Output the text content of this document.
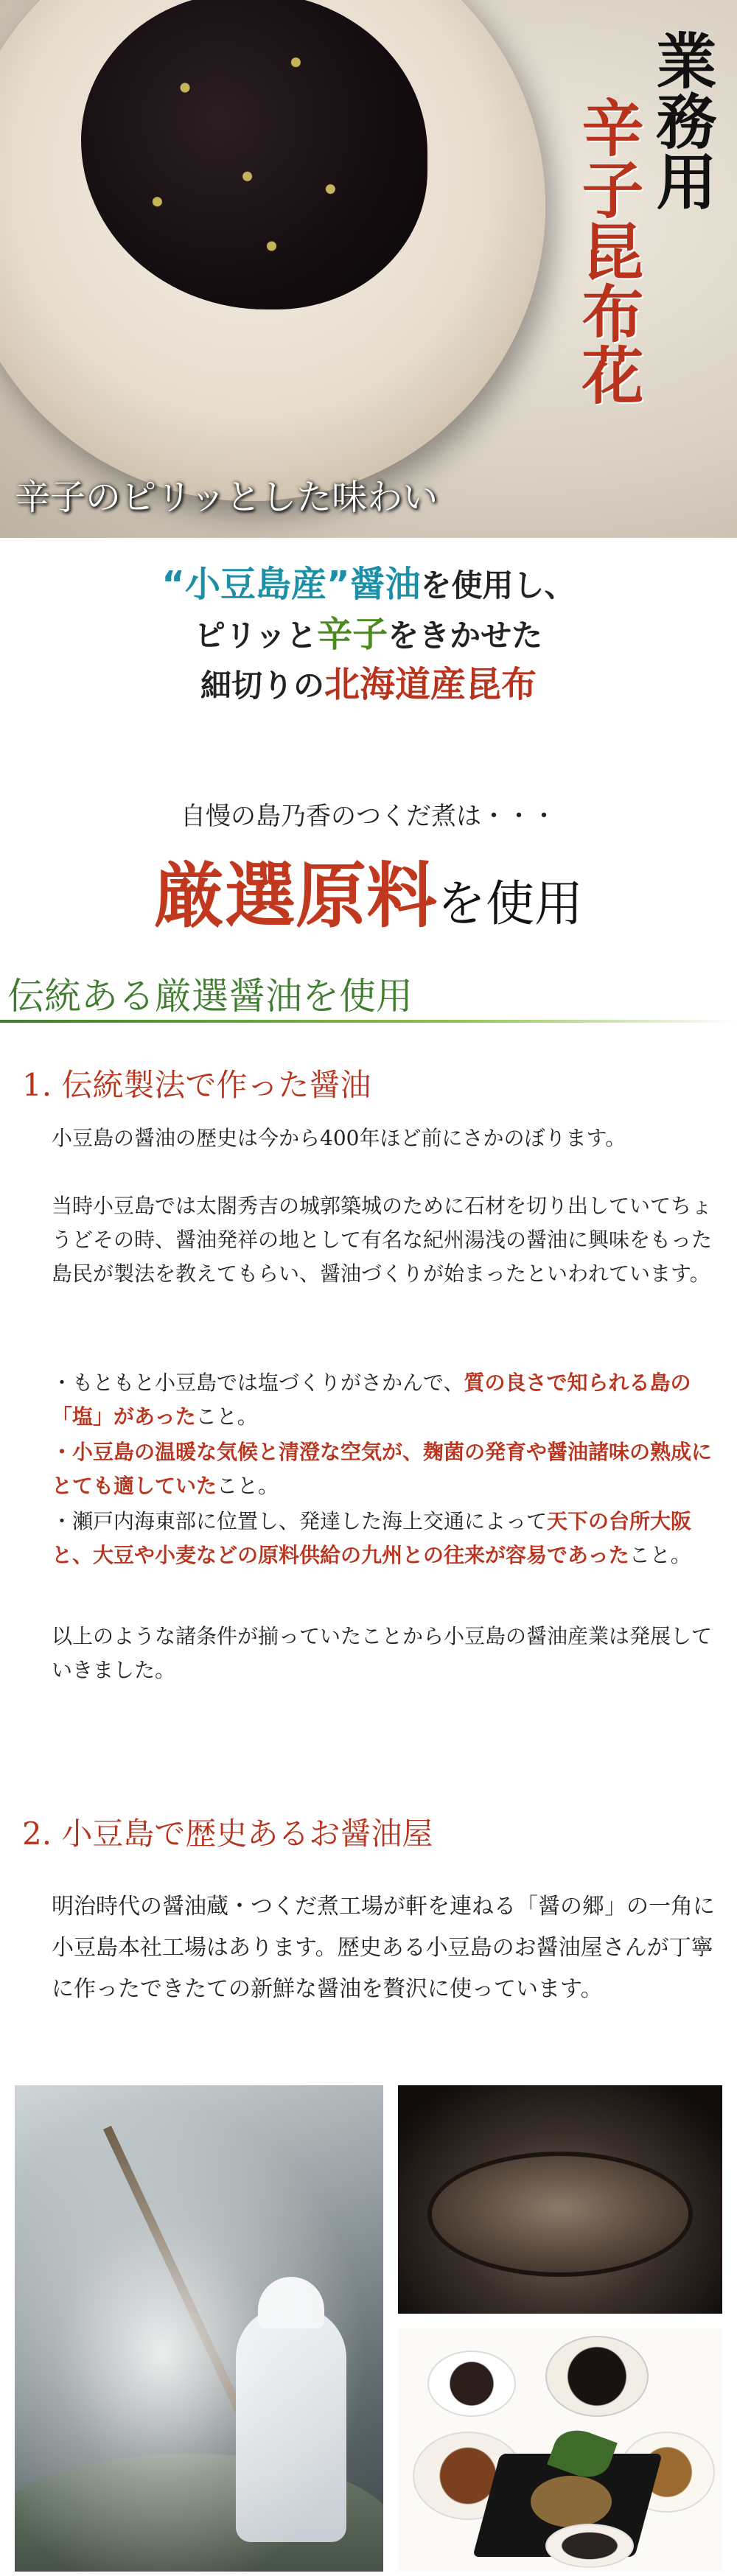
業務用
辛子昆布花
辛子のピリッとした味わい
“小豆島産”醤油を使用し、
ピリッと辛子をきかせた
細切りの北海道産昆布
自慢の島乃香のつくだ煮は・・・
厳選原料を使用
伝統ある厳選醤油を使用
1. 伝統製法で作った醤油
小豆島の醤油の歴史は今から400年ほど前にさかのぼります。
当時小豆島では太閤秀吉の城郭築城のために石材を切り出していてちょうどその時、醤油発祥の地として有名な紀州湯浅の醤油に興味をもった島民が製法を教えてもらい、醤油づくりが始まったといわれています。
・もともと小豆島では塩づくりがさかんで、質の良さで知られる島の「塩」があったこと。
・小豆島の温暖な気候と清澄な空気が、麹菌の発育や醤油諸味の熟成にとても適していたこと。
・瀬戸内海東部に位置し、発達した海上交通によって天下の台所大阪と、大豆や小麦などの原料供給の九州との往来が容易であったこと。
以上のような諸条件が揃っていたことから小豆島の醤油産業は発展していきました。
2. 小豆島で歴史あるお醤油屋
明治時代の醤油蔵・つくだ煮工場が軒を連ねる「醤の郷」の一角に小豆島本社工場はあります。歴史ある小豆島のお醤油屋さんが丁寧に作ったできたての新鮮な醤油を贅沢に使っています。
